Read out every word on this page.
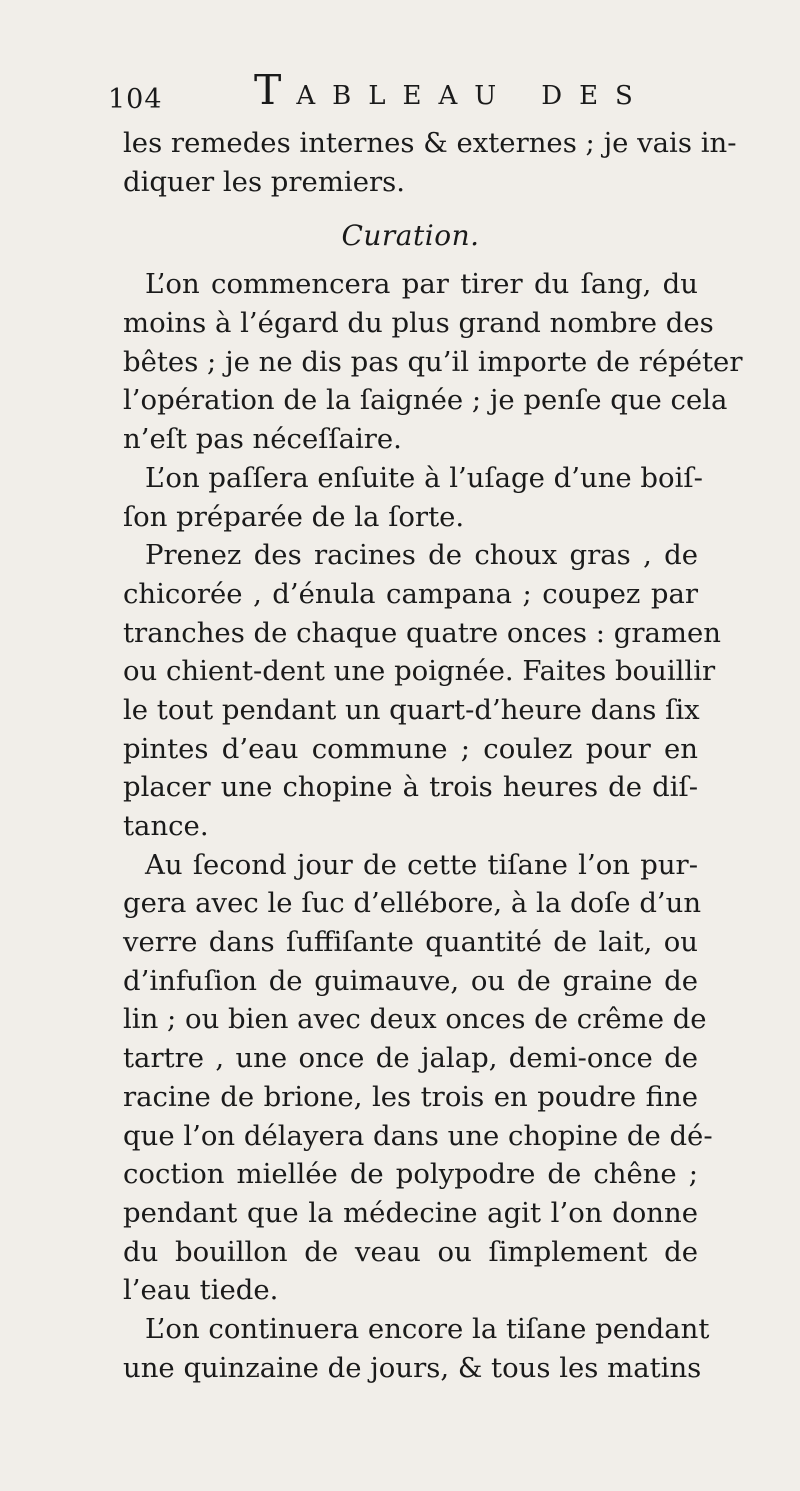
104 TABLEAU DES
les remedes internes & externes ; je vais in-
diquer les premiers.
Curation.
L’on commencera par tirer du ſang, du
moins à l’égard du plus grand nombre des
bêtes ; je ne dis pas qu’il importe de répéter
l’opération de la ſaignée ; je penſe que cela
n’eſt pas néceſſaire.
L’on paſſera enſuite à l’uſage d’une boiſ-
ſon préparée de la ſorte.
Prenez des racines de choux gras , de
chicorée , d’énula campana ; coupez par
tranches de chaque quatre onces : gramen
ou chient-dent une poignée. Faites bouillir
le tout pendant un quart-d’heure dans ſix
pintes d’eau commune ; coulez pour en
placer une chopine à trois heures de diſ-
tance.
Au ſecond jour de cette tiſane l’on pur-
gera avec le ſuc d’ellébore, à la doſe d’un
verre dans ſuffiſante quantité de lait, ou
d’infuſion de guimauve, ou de graine de
lin ; ou bien avec deux onces de crême de
tartre , une once de jalap, demi-once de
racine de brione, les trois en poudre fine
que l’on délayera dans une chopine de dé-
coction miellée de polypodre de chêne ;
pendant que la médecine agit l’on donne
du bouillon de veau ou ſimplement de
l’eau tiede.
L’on continuera encore la tiſane pendant
une quinzaine de jours, & tous les matins
